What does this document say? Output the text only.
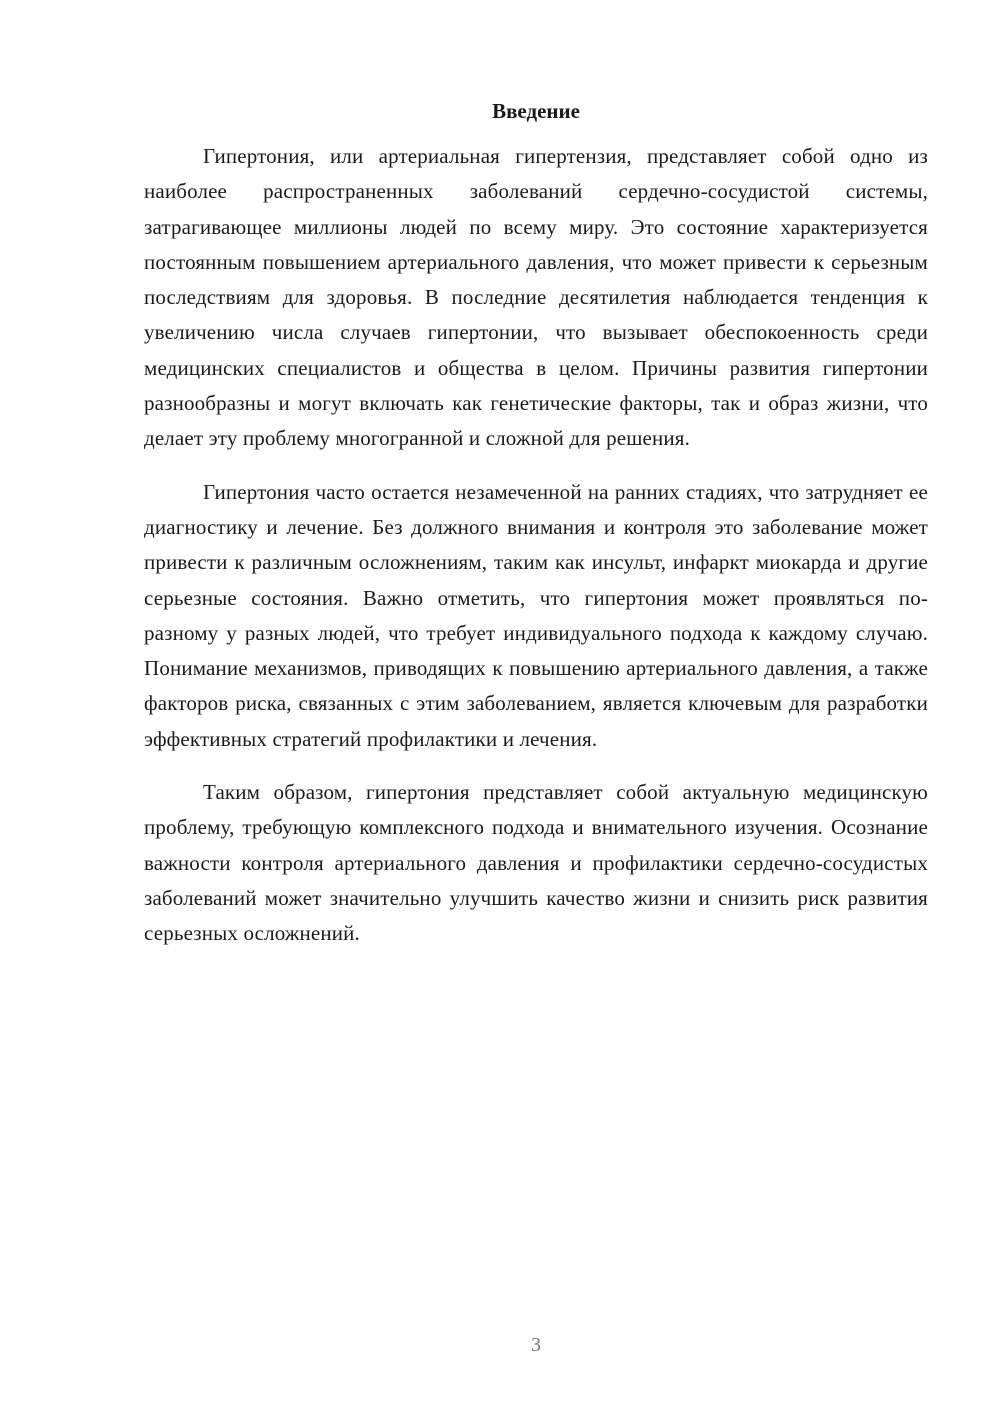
Введение

Гипертония, или артериальная гипертензия, представляет собой одно из наиболее распространенных заболеваний сердечно-сосудистой системы, затрагивающее миллионы людей по всему миру. Это состояние характеризуется постоянным повышением артериального давления, что может привести к серьезным последствиям для здоровья. В последние десятилетия наблюдается тенденция к увеличению числа случаев гипертонии, что вызывает обеспокоенность среди медицинских специалистов и общества в целом. Причины развития гипертонии разнообразны и могут включать как генетические факторы, так и образ жизни, что делает эту проблему многогранной и сложной для решения.

Гипертония часто остается незамеченной на ранних стадиях, что затрудняет ее диагностику и лечение. Без должного внимания и контроля это заболевание может привести к различным осложнениям, таким как инсульт, инфаркт миокарда и другие серьезные состояния. Важно отметить, что гипертония может проявляться по-разному у разных людей, что требует индивидуального подхода к каждому случаю. Понимание механизмов, приводящих к повышению артериального давления, а также факторов риска, связанных с этим заболеванием, является ключевым для разработки эффективных стратегий профилактики и лечения.

Таким образом, гипертония представляет собой актуальную медицинскую проблему, требующую комплексного подхода и внимательного изучения. Осознание важности контроля артериального давления и профилактики сердечно-сосудистых заболеваний может значительно улучшить качество жизни и снизить риск развития серьезных осложнений.

3
